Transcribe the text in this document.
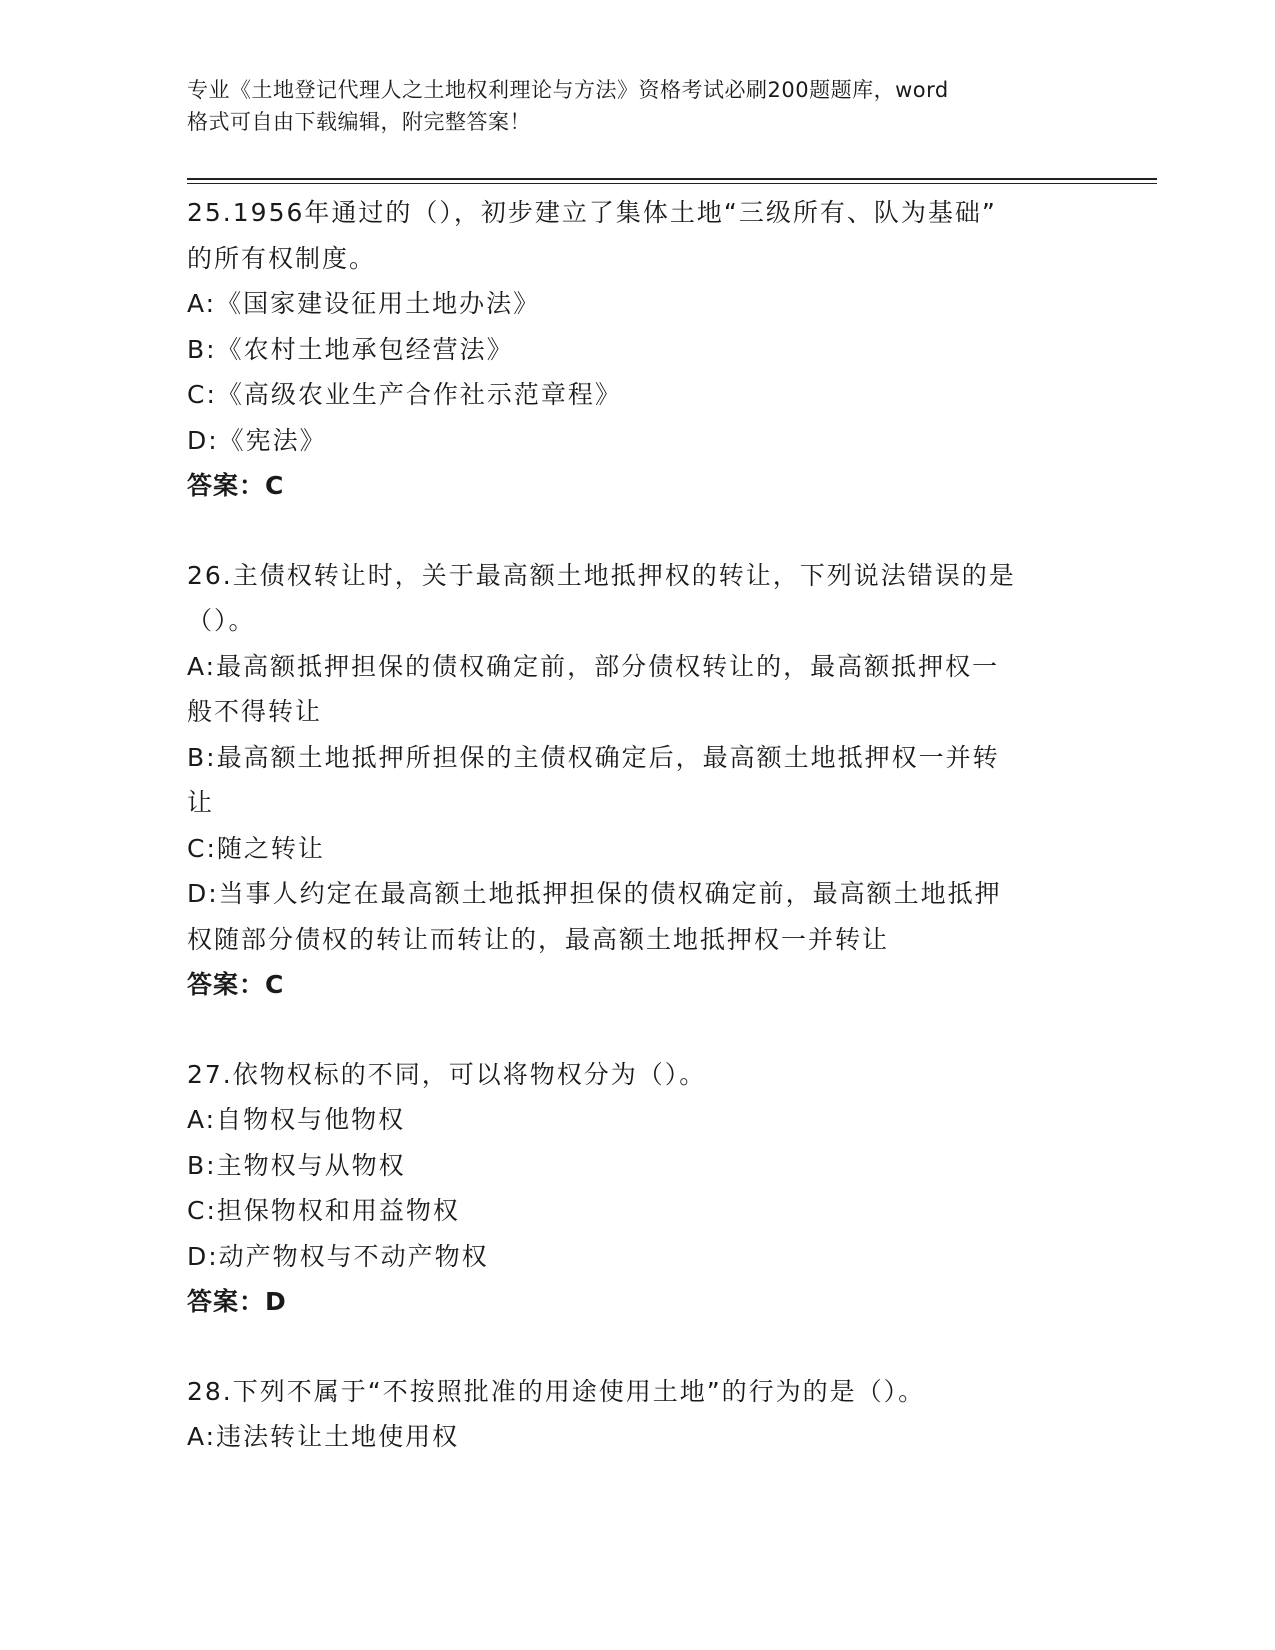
专业《土地登记代理人之土地权利理论与方法》资格考试必刷200题题库，word
格式可自由下载编辑，附完整答案！
25.1956年通过的（），初步建立了集体土地“三级所有、队为基础”
的所有权制度。
A:《国家建设征用土地办法》
B:《农村土地承包经营法》
C:《高级农业生产合作社示范章程》
D:《宪法》
答案：C
26.主债权转让时，关于最高额土地抵押权的转让，下列说法错误的是
（）。
A:最高额抵押担保的债权确定前，部分债权转让的，最高额抵押权一
般不得转让
B:最高额土地抵押所担保的主债权确定后，最高额土地抵押权一并转
让
C:随之转让
D:当事人约定在最高额土地抵押担保的债权确定前，最高额土地抵押
权随部分债权的转让而转让的，最高额土地抵押权一并转让
答案：C
27.依物权标的不同，可以将物权分为（）。
A:自物权与他物权
B:主物权与从物权
C:担保物权和用益物权
D:动产物权与不动产物权
答案：D
28.下列不属于“不按照批准的用途使用土地”的行为的是（）。
A:违法转让土地使用权
